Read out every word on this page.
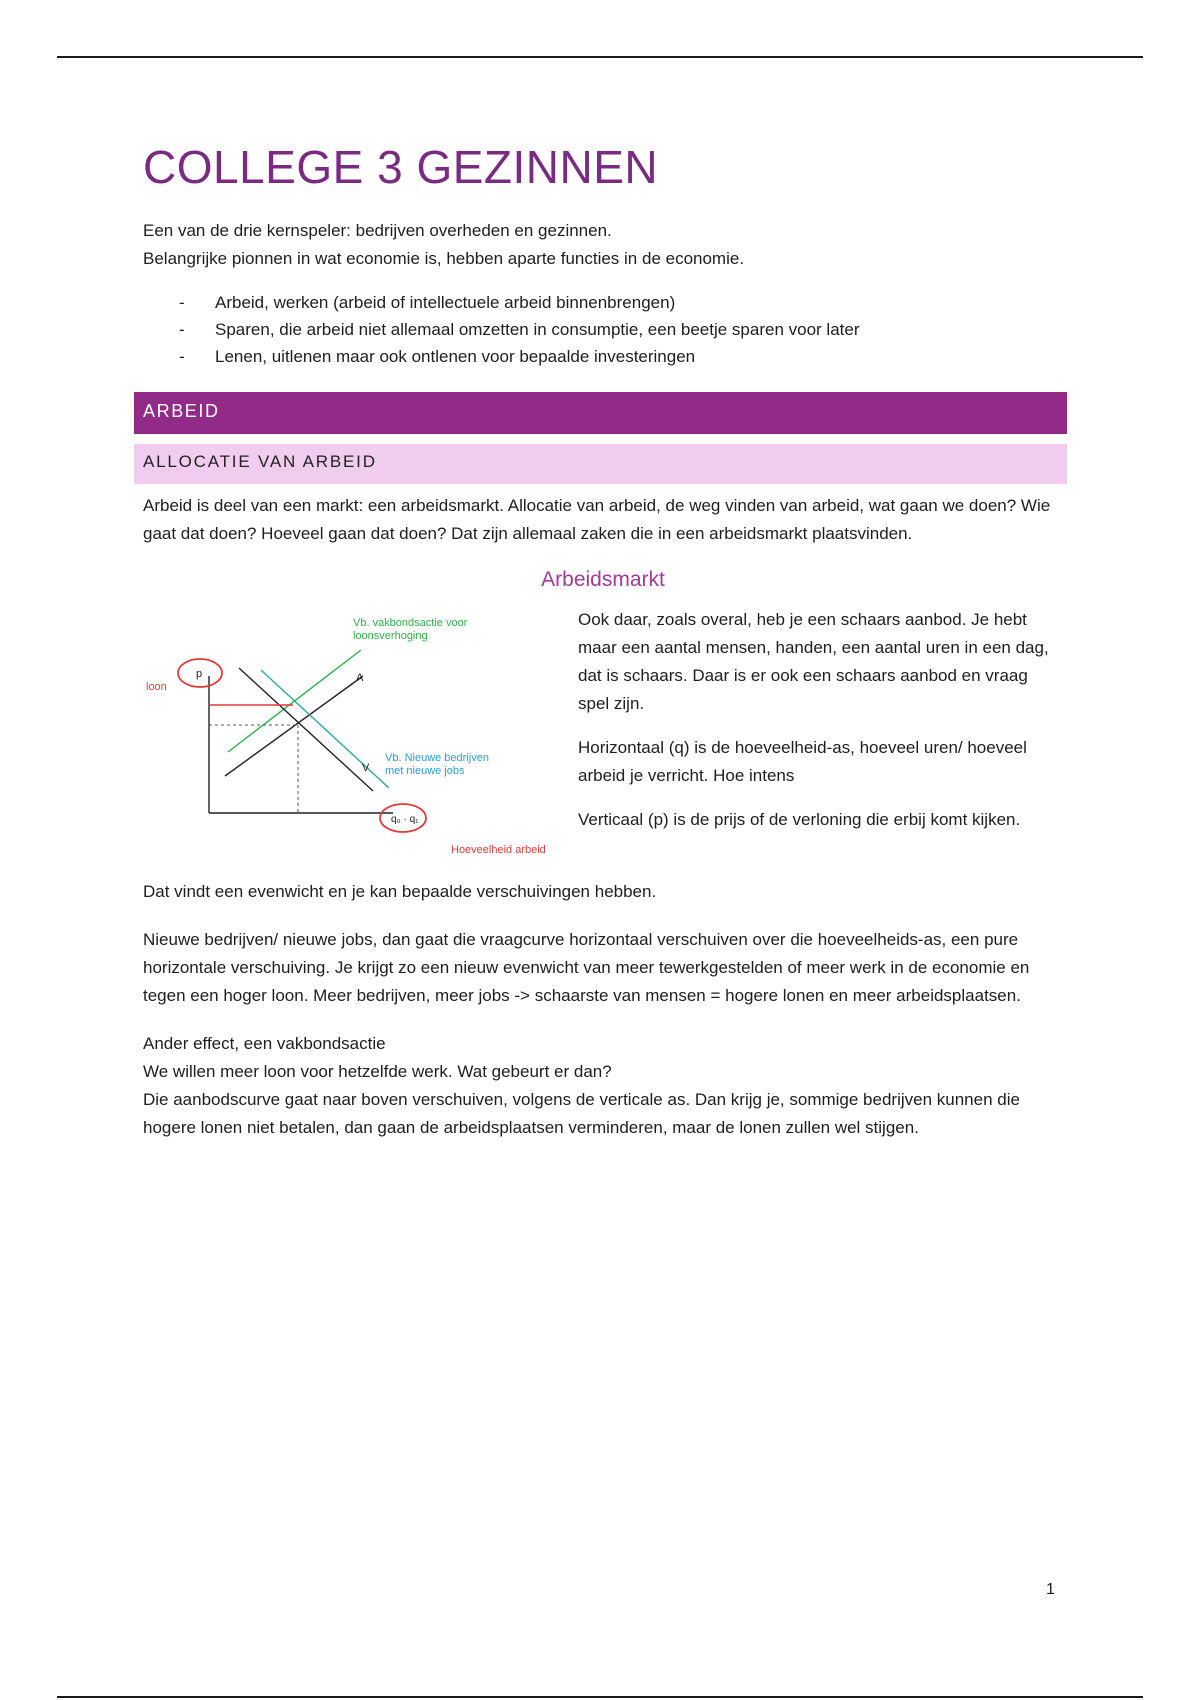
COLLEGE 3 GEZINNEN

Een van de drie kernspeler: bedrijven overheden en gezinnen.

Belangrijke pionnen in wat economie is, hebben aparte functies in de economie.

- Arbeid, werken (arbeid of intellectuele arbeid binnenbrengen)
- Sparen, die arbeid niet allemaal omzetten in consumptie, een beetje sparen voor later
- Lenen, uitlenen maar ook ontlenen voor bepaalde investeringen
ARBEID
ALLOCATIE VAN ARBEID

Arbeid is deel van een markt: een arbeidsmarkt. Allocatie van arbeid, de weg vinden van arbeid, wat gaan we doen? Wie gaat dat doen? Hoeveel gaan dat doen? Dat zijn allemaal zaken die in een arbeidsmarkt plaatsvinden.

Arbeidsmarkt
p
loon
A
V
q₀ · q₁
Vb. vakbondsactie voor
loonsverhoging
Vb. Nieuwe bedrijven
met nieuwe jobs
Hoeveelheid arbeid

Ook daar, zoals overal, heb je een schaars aanbod. Je hebt maar een aantal mensen, handen, een aantal uren in een dag, dat is schaars. Daar is er ook een schaars aanbod en vraag spel zijn.

Horizontaal (q) is de hoeveelheid-as, hoeveel uren/ hoeveel arbeid je verricht. Hoe intens

Verticaal (p) is de prijs of de verloning die erbij komt kijken.

Dat vindt een evenwicht en je kan bepaalde verschuivingen hebben.

Nieuwe bedrijven/ nieuwe jobs, dan gaat die vraagcurve horizontaal verschuiven over die hoeveelheids-as, een pure horizontale verschuiving. Je krijgt zo een nieuw evenwicht van meer tewerkgestelden of meer werk in de economie en tegen een hoger loon. Meer bedrijven, meer jobs -> schaarste van mensen = hogere lonen en meer arbeidsplaatsen.

Ander effect, een vakbondsactie

We willen meer loon voor hetzelfde werk. Wat gebeurt er dan?

Die aanbodscurve gaat naar boven verschuiven, volgens de verticale as. Dan krijg je, sommige bedrijven kunnen die hogere lonen niet betalen, dan gaan de arbeidsplaatsen verminderen, maar de lonen zullen wel stijgen.

1
